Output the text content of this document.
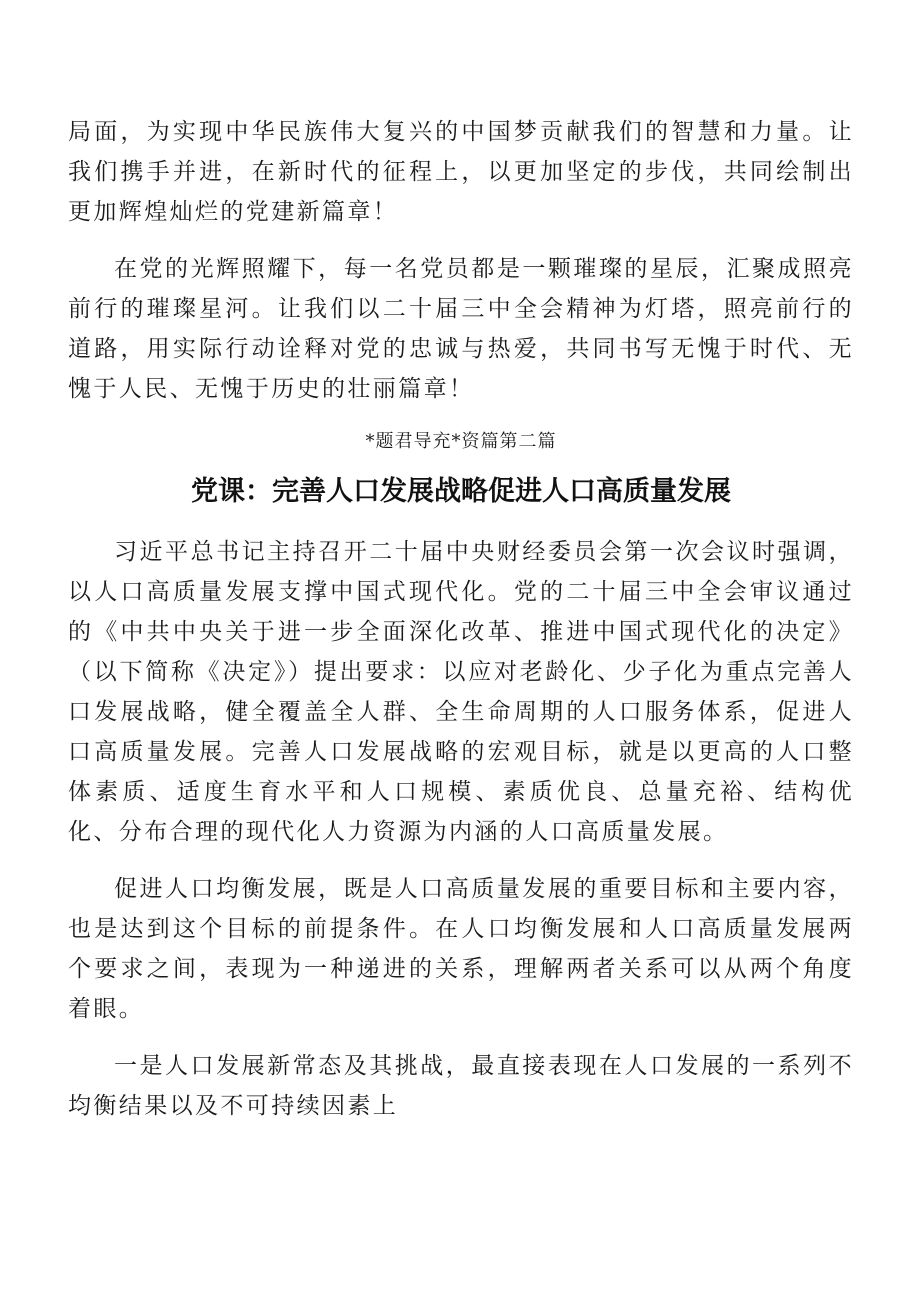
局面，为实现中华民族伟大复兴的中国梦贡献我们的智慧和力量。让我们携手并进，在新时代的征程上，以更加坚定的步伐，共同绘制出更加辉煌灿烂的党建新篇章！

在党的光辉照耀下，每一名党员都是一颗璀璨的星辰，汇聚成照亮前行的璀璨星河。让我们以二十届三中全会精神为灯塔，照亮前行的道路，用实际行动诠释对党的忠诚与热爱，共同书写无愧于时代、无愧于人民、无愧于历史的壮丽篇章！

*题君导充*资篇第二篇
党课：完善人口发展战略促进人口高质量发展

习近平总书记主持召开二十届中央财经委员会第一次会议时强调，以人口高质量发展支撑中国式现代化。党的二十届三中全会审议通过的《中共中央关于进一步全面深化改革、推进中国式现代化的决定》（以下简称《决定》）提出要求：以应对老龄化、少子化为重点完善人口发展战略，健全覆盖全人群、全生命周期的人口服务体系，促进人口高质量发展。完善人口发展战略的宏观目标，就是以更高的人口整体素质、适度生育水平和人口规模、素质优良、总量充裕、结构优化、分布合理的现代化人力资源为内涵的人口高质量发展。

促进人口均衡发展，既是人口高质量发展的重要目标和主要内容，也是达到这个目标的前提条件。在人口均衡发展和人口高质量发展两个要求之间，表现为一种递进的关系，理解两者关系可以从两个角度着眼。

一是人口发展新常态及其挑战，最直接表现在人口发展的一系列不均衡结果以及不可持续因素上
